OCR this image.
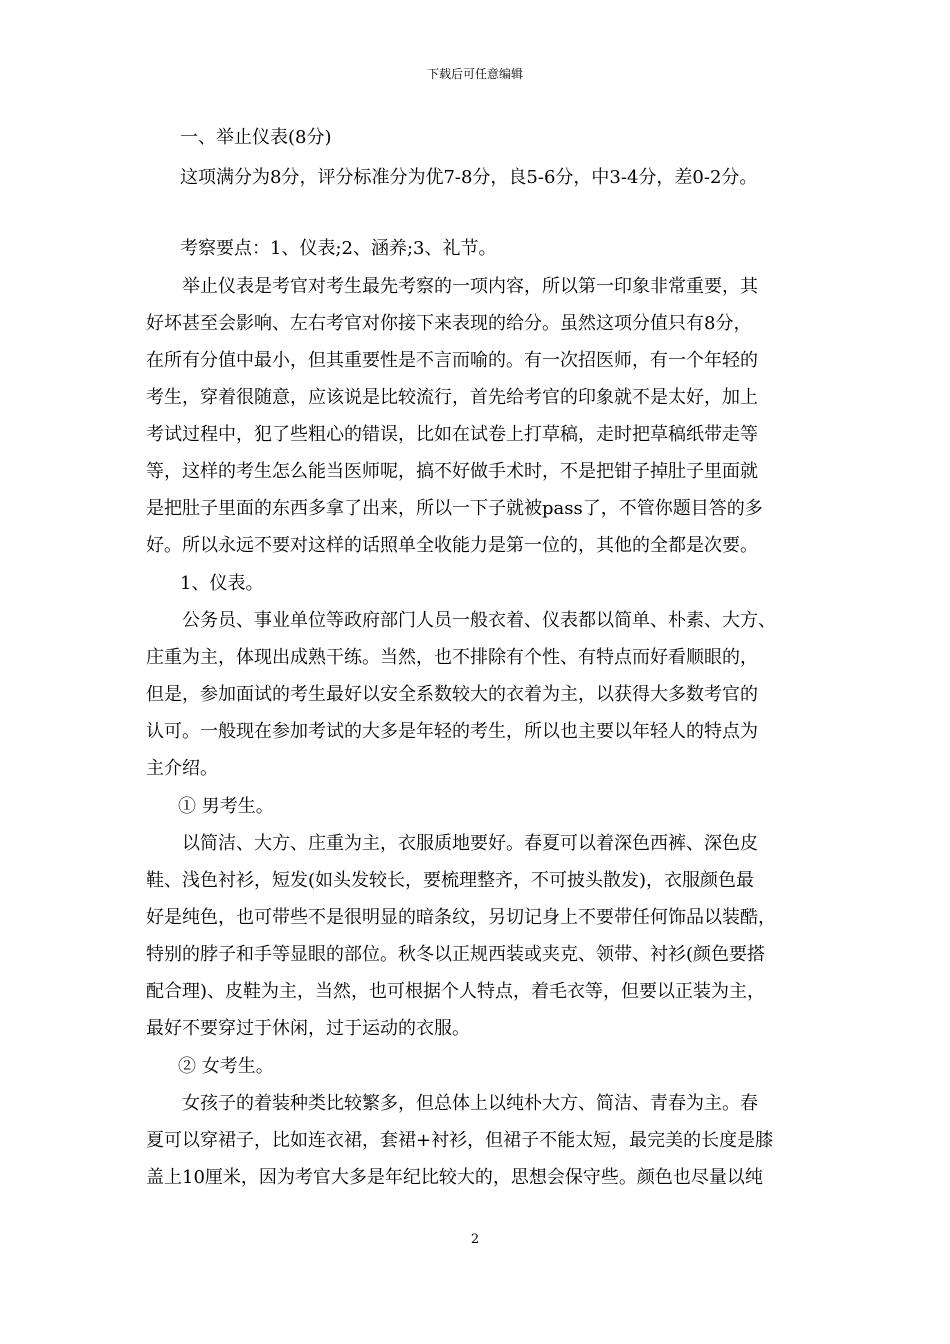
下载后可任意编辑
一、举止仪表(8分)
这项满分为8分，评分标准分为优7-8分，良5-6分，中3-4分，差0-2分。
考察要点：1、仪表;2、涵养;3、礼节。
举止仪表是考官对考生最先考察的一项内容，所以第一印象非常重要，其
好坏甚至会影响、左右考官对你接下来表现的给分。虽然这项分值只有8分，
在所有分值中最小，但其重要性是不言而喻的。有一次招医师，有一个年轻的
考生，穿着很随意，应该说是比较流行，首先给考官的印象就不是太好，加上
考试过程中，犯了些粗心的错误，比如在试卷上打草稿，走时把草稿纸带走等
等，这样的考生怎么能当医师呢，搞不好做手术时，不是把钳子掉肚子里面就
是把肚子里面的东西多拿了出来，所以一下子就被pass了，不管你题目答的多
好。所以永远不要对这样的话照单全收能力是第一位的，其他的全都是次要。
1、仪表。
公务员、事业单位等政府部门人员一般衣着、仪表都以简单、朴素、大方、
庄重为主，体现出成熟干练。当然，也不排除有个性、有特点而好看顺眼的，
但是，参加面试的考生最好以安全系数较大的衣着为主，以获得大多数考官的
认可。一般现在参加考试的大多是年轻的考生，所以也主要以年轻人的特点为
主介绍。
① 男考生。
以简洁、大方、庄重为主，衣服质地要好。春夏可以着深色西裤、深色皮
鞋、浅色衬衫，短发(如头发较长，要梳理整齐，不可披头散发)，衣服颜色最
好是纯色，也可带些不是很明显的暗条纹，另切记身上不要带任何饰品以装酷，
特别的脖子和手等显眼的部位。秋冬以正规西装或夹克、领带、衬衫(颜色要搭
配合理)、皮鞋为主，当然，也可根据个人特点，着毛衣等，但要以正装为主，
最好不要穿过于休闲，过于运动的衣服。
② 女考生。
女孩子的着装种类比较繁多，但总体上以纯朴大方、简洁、青春为主。春
夏可以穿裙子，比如连衣裙，套裙+衬衫，但裙子不能太短，最完美的长度是膝
盖上10厘米，因为考官大多是年纪比较大的，思想会保守些。颜色也尽量以纯
2
